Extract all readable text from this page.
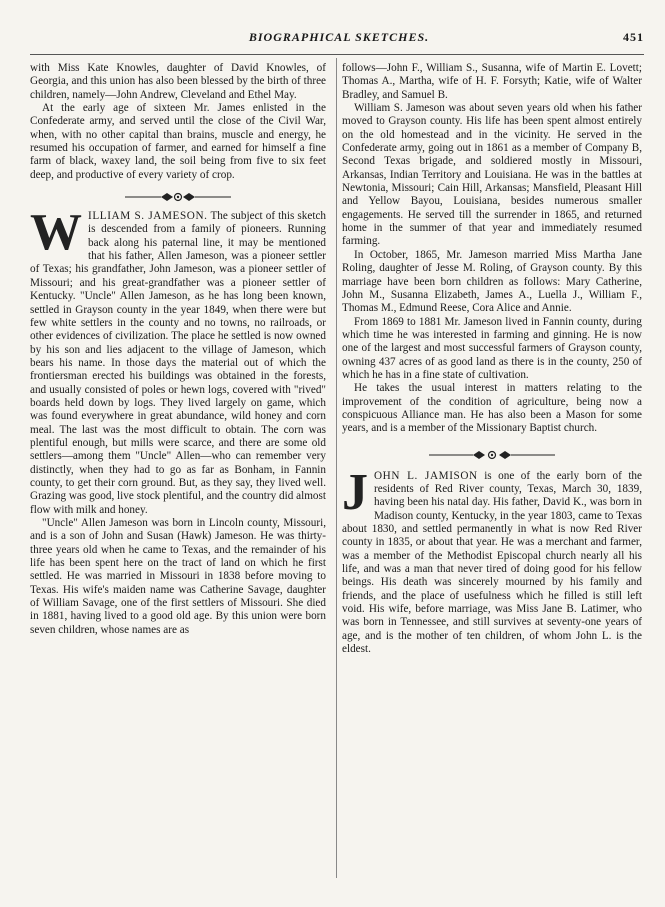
BIOGRAPHICAL SKETCHES.	451

with Miss Kate Knowles, daughter of David Knowles, of Georgia, and this union has also been blessed by the birth of three children, namely—John Andrew, Cleveland and Ethel May.

At the early age of sixteen Mr. James enlisted in the Confederate army, and served until the close of the Civil War, when, with no other capital than brains, muscle and energy, he resumed his occupation of farmer, and earned for himself a fine farm of black, waxey land, the soil being from five to six feet deep, and productive of every variety of crop.

W ILLIAM S. JAMESON. The subject of this sketch is descended from a family of pioneers. Running back along his paternal line, it may be mentioned that his father, Allen Jameson, was a pioneer settler of Texas; his grandfather, John Jameson, was a pioneer settler of Missouri; and his great-grandfather was a pioneer settler of Kentucky. "Uncle" Allen Jameson, as he has long been known, settled in Grayson county in the year 1849, when there were but few white settlers in the county and no towns, no railroads, or other evidences of civilization. The place he settled is now owned by his son and lies adjacent to the village of Jameson, which bears his name. In those days the material out of which the frontiersman erected his buildings was obtained in the forests, and usually consisted of poles or hewn logs, covered with "rived" boards held down by logs. They lived largely on game, which was found everywhere in great abundance, wild honey and corn meal. The last was the most difficult to obtain. The corn was plentiful enough, but mills were scarce, and there are some old settlers—among them "Uncle" Allen—who can remember very distinctly, when they had to go as far as Bonham, in Fannin county, to get their corn ground. But, as they say, they lived well. Grazing was good, live stock plentiful, and the country did almost flow with milk and honey.

"Uncle" Allen Jameson was born in Lincoln county, Missouri, and is a son of John and Susan (Hawk) Jameson. He was thirty-three years old when he came to Texas, and the remainder of his life has been spent here on the tract of land on which he first settled. He was married in Missouri in 1838 before moving to Texas. His wife's maiden name was Catherine Savage, daughter of William Savage, one of the first settlers of Missouri. She died in 1881, having lived to a good old age. By this union were born seven children, whose names are as

follows—John F., William S., Susanna, wife of Martin E. Lovett; Thomas A., Martha, wife of H. F. Forsyth; Katie, wife of Walter Bradley, and Samuel B.

William S. Jameson was about seven years old when his father moved to Grayson county. His life has been spent almost entirely on the old homestead and in the vicinity. He served in the Confederate army, going out in 1861 as a member of Company B, Second Texas brigade, and soldiered mostly in Missouri, Arkansas, Indian Territory and Louisiana. He was in the battles at Newtonia, Missouri; Cain Hill, Arkansas; Mansfield, Pleasant Hill and Yellow Bayou, Louisiana, besides numerous smaller engagements. He served till the surrender in 1865, and returned home in the summer of that year and immediately resumed farming.

In October, 1865, Mr. Jameson married Miss Martha Jane Roling, daughter of Jesse M. Roling, of Grayson county. By this marriage have been born children as follows: Mary Catherine, John M., Susanna Elizabeth, James A., Luella J., William F., Thomas M., Edmund Reese, Cora Alice and Annie.

From 1869 to 1881 Mr. Jameson lived in Fannin county, during which time he was interested in farming and ginning. He is now one of the largest and most successful farmers of Grayson county, owning 437 acres of as good land as there is in the county, 250 of which he has in a fine state of cultivation.

He takes the usual interest in matters relating to the improvement of the condition of agriculture, being now a conspicuous Alliance man. He has also been a Mason for some years, and is a member of the Missionary Baptist church.

J OHN L. JAMISON is one of the early born of the residents of Red River county, Texas, March 30, 1839, having been his natal day. His father, David K., was born in Madison county, Kentucky, in the year 1803, came to Texas about 1830, and settled permanently in what is now Red River county in 1835, or about that year. He was a merchant and farmer, was a member of the Methodist Episcopal church nearly all his life, and was a man that never tired of doing good for his fellow beings. His death was sincerely mourned by his family and friends, and the place of usefulness which he filled is still left void. His wife, before marriage, was Miss Jane B. Latimer, who was born in Tennessee, and still survives at seventy-one years of age, and is the mother of ten children, of whom John L. is the eldest.
